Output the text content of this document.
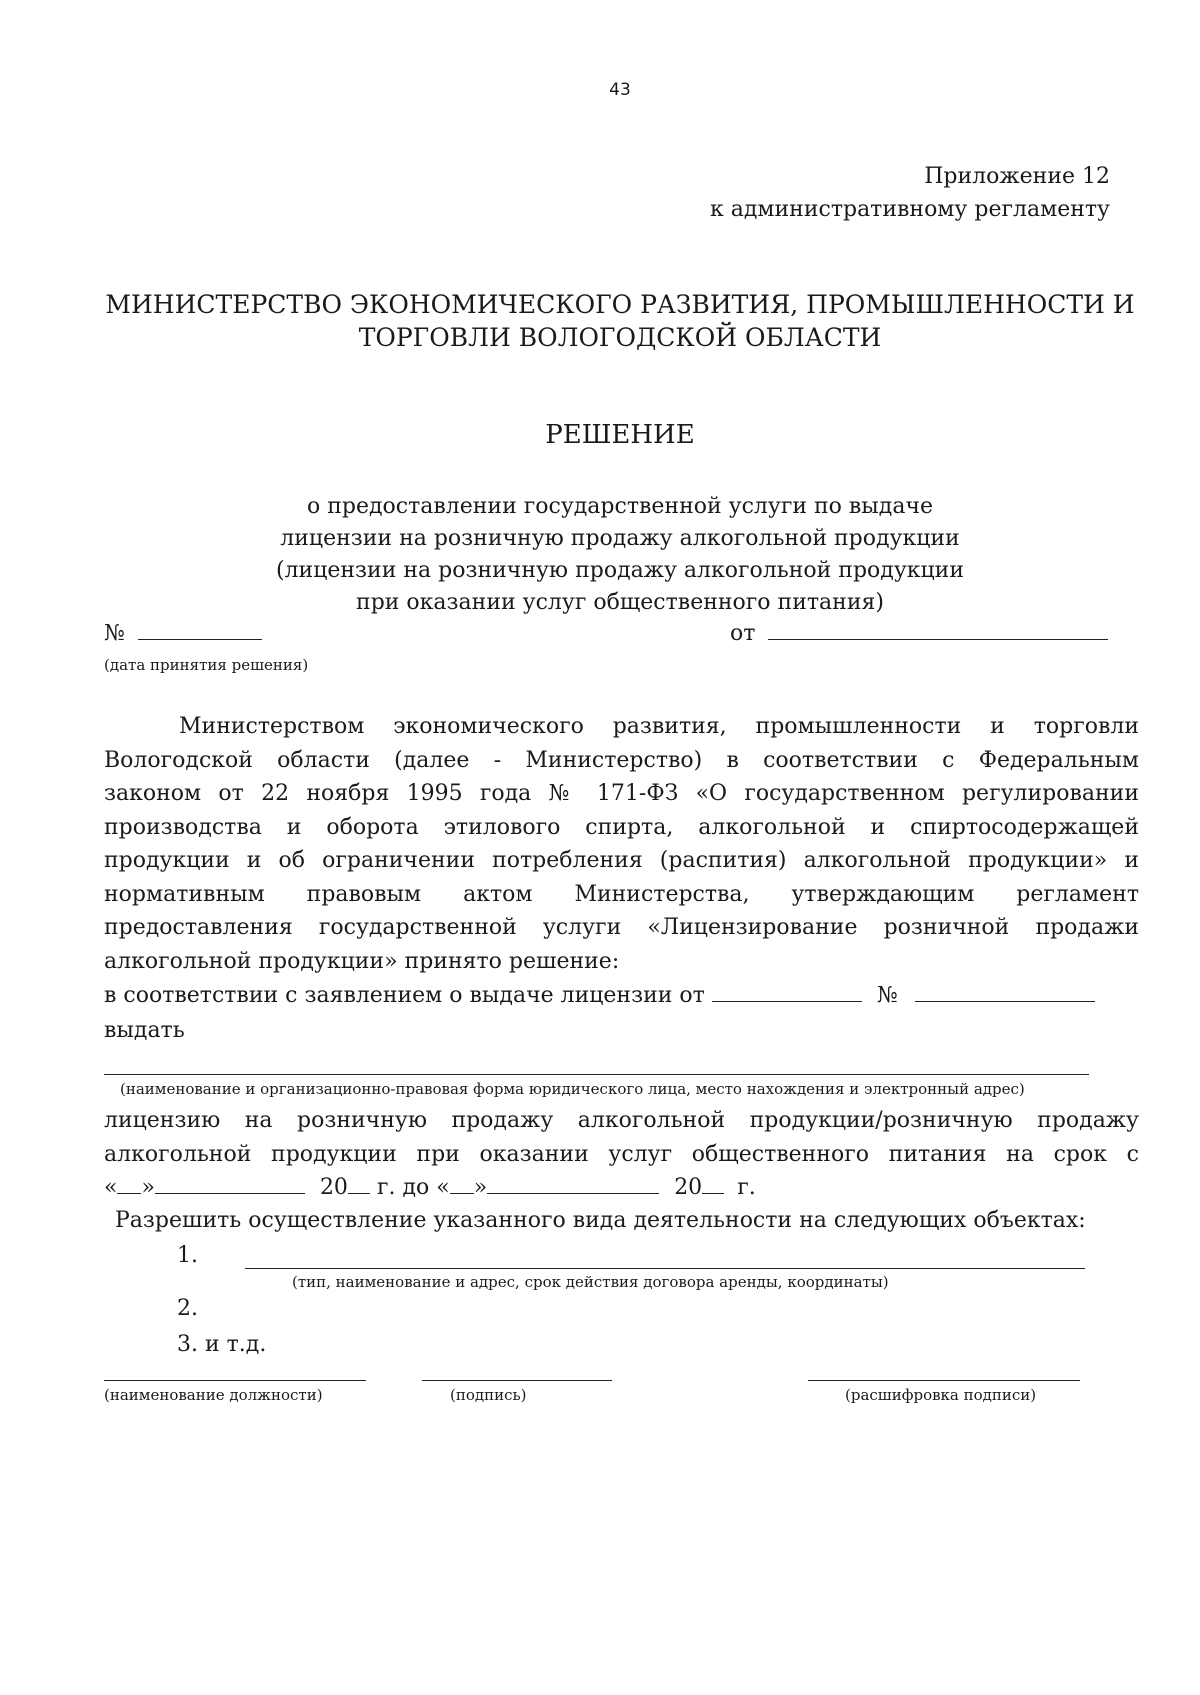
43
Приложение 12
к административному регламенту
МИНИСТЕРСТВО ЭКОНОМИЧЕСКОГО РАЗВИТИЯ, ПРОМЫШЛЕННОСТИ И
ТОРГОВЛИ ВОЛОГОДСКОЙ ОБЛАСТИ
РЕШЕНИЕ
о предоставлении государственной услуги по выдаче
лицензии на розничную продажу алкогольной продукции
(лицензии на розничную продажу алкогольной продукции
при оказании услуг общественного питания)
№	от
(дата принятия решения)
Министерством экономического развития, промышленности и торговли
Вологодской области (далее - Министерство) в соответствии с Федеральным
законом от 22 ноября 1995 года № 171-ФЗ «О государственном регулировании
производства и оборота этилового спирта, алкогольной и спиртосодержащей
продукции и об ограничении потребления (распития) алкогольной продукции» и
нормативным правовым актом Министерства, утверждающим регламент
предоставления государственной услуги «Лицензирование розничной продажи
алкогольной продукции» принято решение:
в соответствии с заявлением о выдаче лицензии от	№
выдать
(наименование и организационно-правовая форма юридического лица, место нахождения и электронный адрес)
лицензию на розничную продажу алкогольной продукции/розничную продажу
алкогольной продукции при оказании услуг общественного питания на срок с
« »	20 г. до « »	20 г.
Разрешить осуществление указанного вида деятельности на следующих объектах:
1.
(тип, наименование и адрес, срок действия договора аренды, координаты)
2.
3. и т.д.
(наименование должности)	(подпись)	(расшифровка подписи)
